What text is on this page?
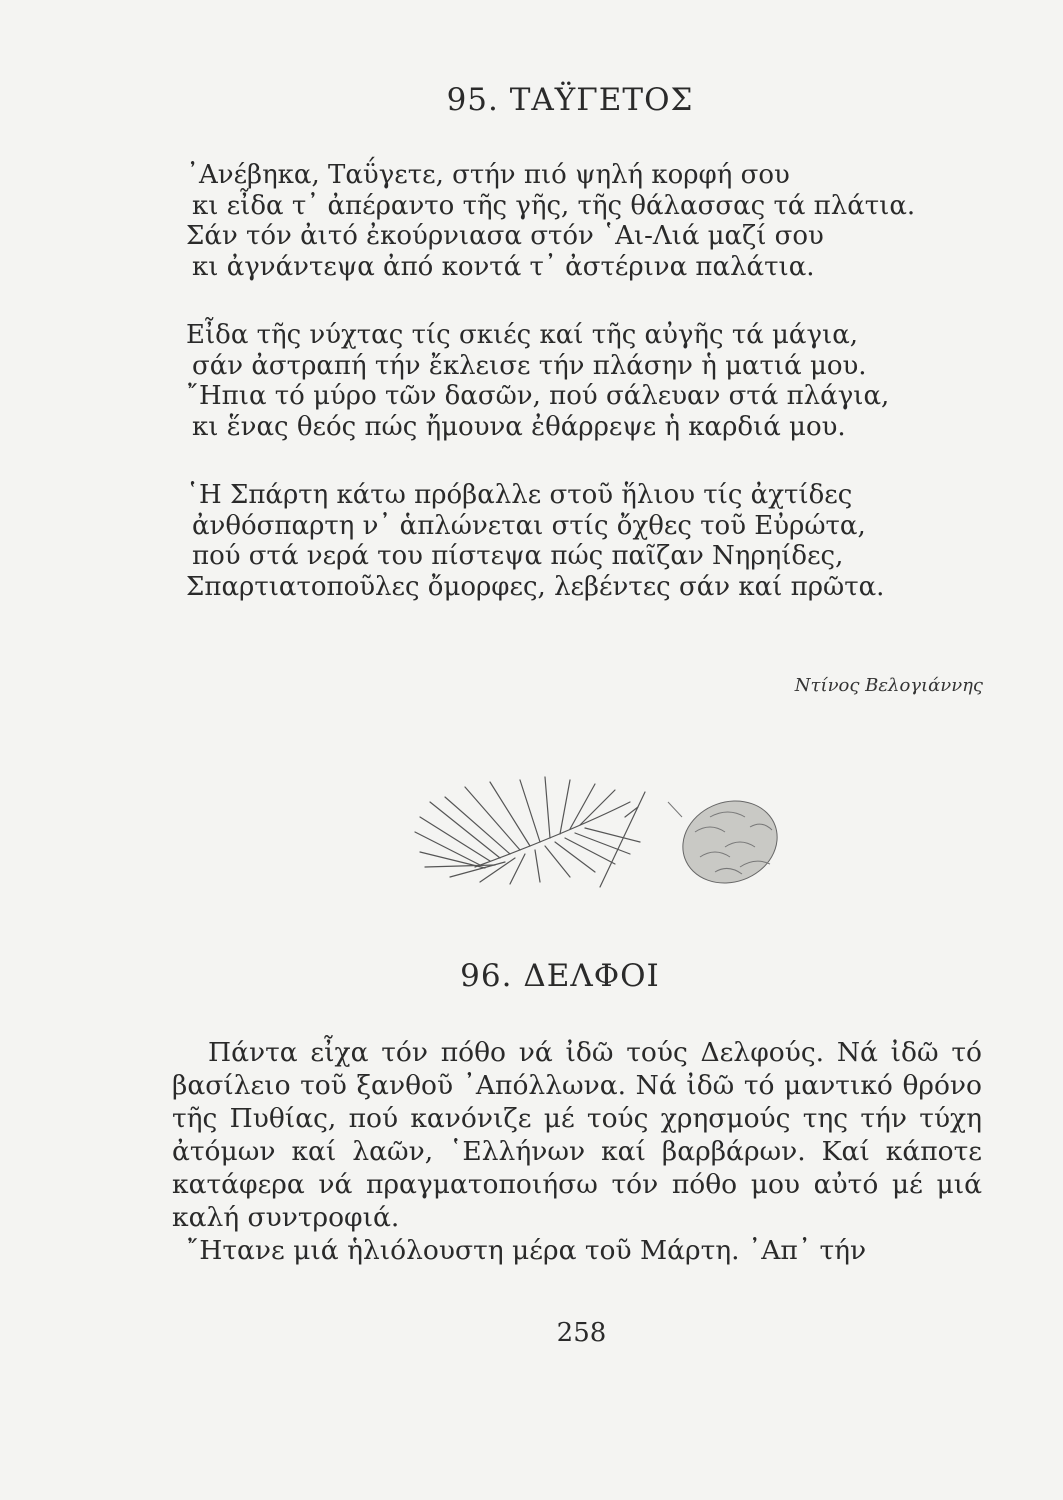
95. ΤΑΫΓΕΤΟΣ

᾿Ανέβηκα, Ταΰγετε, στήν πιό ψηλή κορφή σου

κι εἶδα τ᾿ ἀπέραντο τῆς γῆς, τῆς θάλασσας τά πλάτια.

Σάν τόν ἀιτό ἐκούρνιασα στόν ῾Αι-Λιά μαζί σου

κι ἀγνάντεψα ἀπό κοντά τ᾿ ἀστέρινα παλάτια.

Εἶδα τῆς νύχτας τίς σκιές καί τῆς αὐγῆς τά μάγια,

σάν ἀστραπή τήν ἔκλεισε τήν πλάσην ἡ ματιά μου.

῎Ηπια τό μύρο τῶν δασῶν, πού σάλευαν στά πλάγια,

κι ἕνας θεός πώς ἤμουνα ἐθάρρεψε ἡ καρδιά μου.

῾Η Σπάρτη κάτω πρόβαλλε στοῦ ἥλιου τίς ἀχτίδες

ἀνθόσπαρτη ν᾿ ἁπλώνεται στίς ὄχθες τοῦ Εὐρώτα,

πού στά νερά του πίστεψα πώς παῖζαν Νηρηίδες,

Σπαρτιατοποῦλες ὄμορφες, λεβέντες σάν καί πρῶτα.

Ντίνος Βελογιάννης
96. ΔΕΛΦΟΙ

Πάντα εἶχα τόν πόθο νά ἰδῶ τούς Δελφούς. Νά ἰδῶ τό βασίλειο τοῦ ξανθοῦ ᾿Απόλλωνα. Νά ἰδῶ τό μαντικό θρόνο τῆς Πυθίας, πού κανόνιζε μέ τούς χρησμούς της τήν τύχη ἀτόμων καί λαῶν, ῾Ελλήνων καί βαρβάρων. Καί κάποτε κατάφερα νά πραγματοποιήσω τόν πόθο μου αὐτό μέ μιά καλή συντροφιά.

῎Ητανε μιά ἡλιόλουστη μέρα τοῦ Μάρτη. ᾿Απ᾿ τήν

258
